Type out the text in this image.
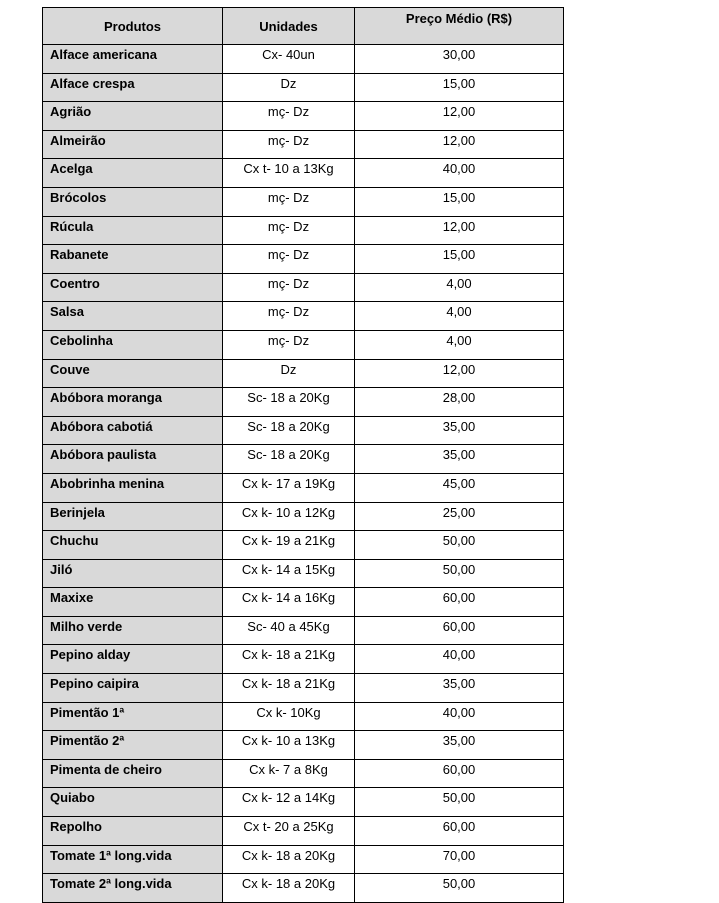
Produtos	Unidades	Preço Médio (R$)
Alface americana	Cx- 40un	30,00
Alface crespa	Dz	15,00
Agrião	mç- Dz	12,00
Almeirão	mç- Dz	12,00
Acelga	Cx t- 10 a 13Kg	40,00
Brócolos	mç- Dz	15,00
Rúcula	mç- Dz	12,00
Rabanete	mç- Dz	15,00
Coentro	mç- Dz	4,00
Salsa	mç- Dz	4,00
Cebolinha	mç- Dz	4,00
Couve	Dz	12,00
Abóbora moranga	Sc- 18 a 20Kg	28,00
Abóbora cabotiá	Sc- 18 a 20Kg	35,00
Abóbora paulista	Sc- 18 a 20Kg	35,00
Abobrinha menina	Cx k- 17 a 19Kg	45,00
Berinjela	Cx k- 10 a 12Kg	25,00
Chuchu	Cx k- 19 a 21Kg	50,00
Jiló	Cx k- 14 a 15Kg	50,00
Maxixe	Cx k- 14 a 16Kg	60,00
Milho verde	Sc- 40 a 45Kg	60,00
Pepino alday	Cx k- 18 a 21Kg	40,00
Pepino caipira	Cx k- 18 a 21Kg	35,00
Pimentão 1ª	Cx k- 10Kg	40,00
Pimentão 2ª	Cx k- 10 a 13Kg	35,00
Pimenta de cheiro	Cx k- 7 a 8Kg	60,00
Quiabo	Cx k- 12 a 14Kg	50,00
Repolho	Cx t- 20 a 25Kg	60,00
Tomate 1ª long.vida	Cx k- 18 a 20Kg	70,00
Tomate 2ª long.vida	Cx k- 18 a 20Kg	50,00
